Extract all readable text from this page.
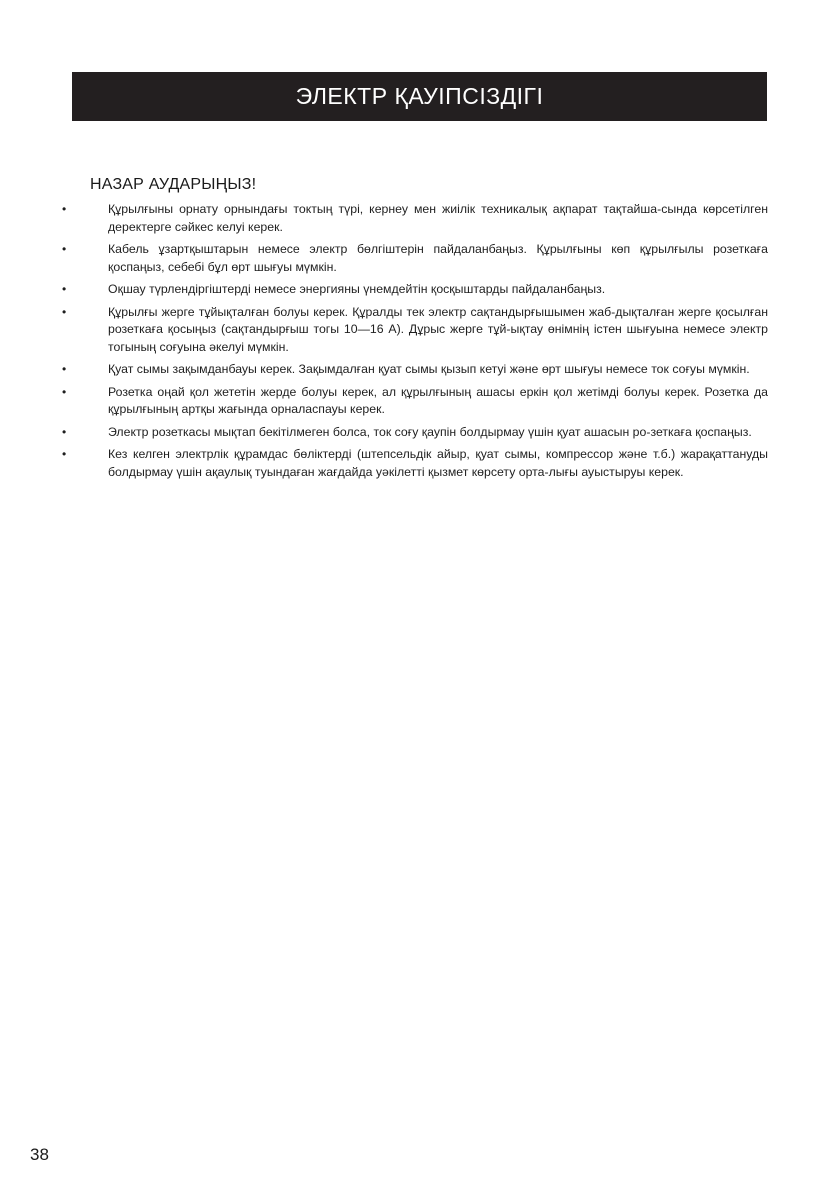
ЭЛЕКТР ҚАУІПСІЗДІГІ
НАЗАР АУДАРЫҢЫЗ!
•	Құрылғыны орнату орнындағы токтың түрі, кернеу мен жиілік техникалық ақпарат тақтайша-сында көрсетілген деректерге сәйкес келуі керек.
•	Кабель ұзартқыштарын немесе электр бөлгіштерін пайдаланбаңыз. Құрылғыны көп құрылғылы розеткаға қоспаңыз, себебі бұл өрт шығуы мүмкін.
•	Оқшау түрлендіргіштерді немесе энергияны үнемдейтін қосқыштарды пайдаланбаңыз.
•	Құрылғы жерге тұйықталған болуы керек. Құралды тек электр сақтандырғышымен жаб-дықталған жерге қосылған розеткаға қосыңыз (сақтандырғыш тогы 10—16 A). Дұрыс жерге тұй-ықтау өнімнің істен шығуына немесе электр тогының соғуына әкелуі мүмкін.
•	Қуат сымы зақымданбауы керек. Зақымдалған қуат сымы қызып кетуі және өрт шығуы немесе ток соғуы мүмкін.
•	Розетка оңай қол жететін жерде болуы керек, ал құрылғының ашасы еркін қол жетімді болуы керек. Розетка да құрылғының артқы жағында орналаспауы керек.
•	Электр розеткасы мықтап бекітілмеген болса, ток соғу қаупін болдырмау үшін қуат ашасын ро-зеткаға қоспаңыз.
•	Кез келген электрлік құрамдас бөліктерді (штепсельдік айыр, қуат сымы, компрессор және т.б.) жарақаттануды болдырмау үшін ақаулық туындаған жағдайда уәкілетті қызмет көрсету орта-лығы ауыстыруы керек.
38
